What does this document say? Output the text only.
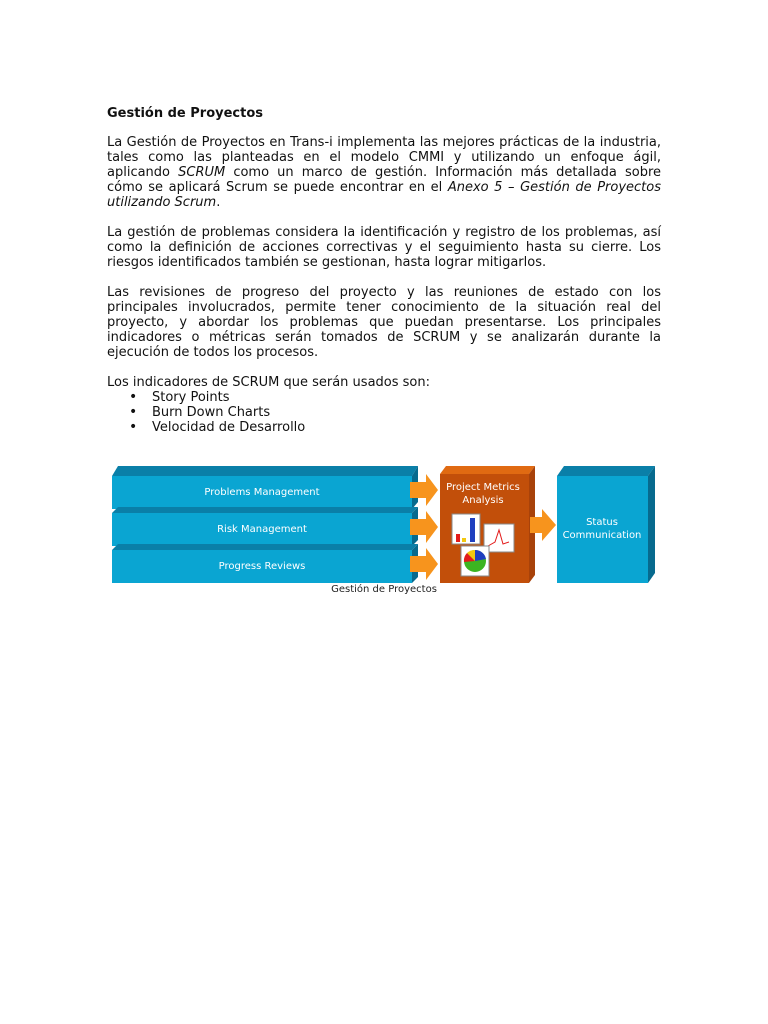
Gestión de Proyectos

La Gestión de Proyectos en Trans-i implementa las mejores prácticas de la industria, tales como las planteadas en el modelo CMMI y utilizando un enfoque ágil, aplicando SCRUM como un marco de gestión. Información más detallada sobre cómo se aplicará Scrum se puede encontrar en el Anexo 5 – Gestión de Proyectos utilizando Scrum.

La gestión de problemas considera la identificación y registro de los problemas, así como la definición de acciones correctivas y el seguimiento hasta su cierre. Los riesgos identificados también se gestionan, hasta lograr mitigarlos.

Las revisiones de progreso del proyecto y las reuniones de estado con los principales involucrados, permite tener conocimiento de la situación real del proyecto, y abordar los problemas que puedan presentarse. Los principales indicadores o métricas serán tomados de SCRUM y se analizarán durante la ejecución de todos los procesos.

Los indicadores de SCRUM que serán usados son:

• Story Points
• Burn Down Charts
• Velocidad de Desarrollo
Problems Management
Risk Management
Progress Reviews
Project Metrics Analysis
Status Communication
Gestión de Proyectos
